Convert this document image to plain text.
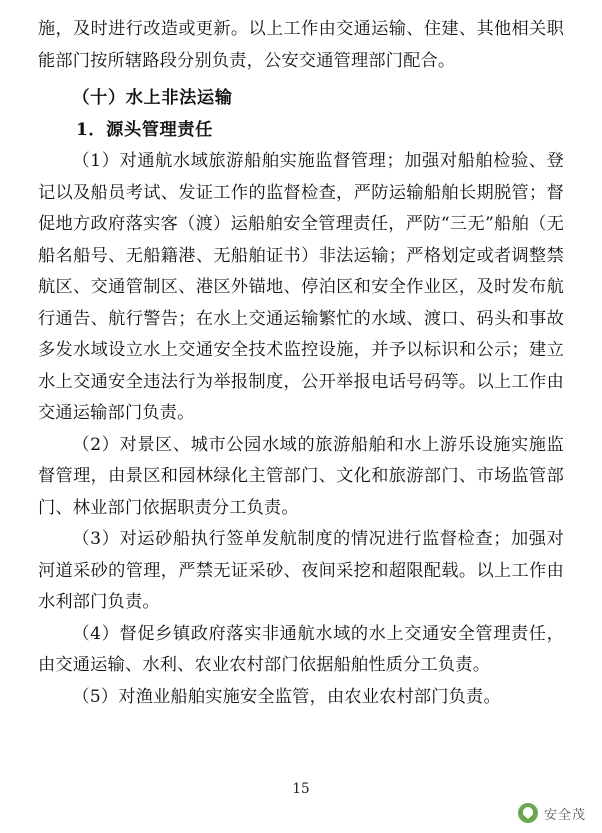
施，及时进行改造或更新。以上工作由交通运输、住建、其他相关职能部门按所辖路段分别负责，公安交通管理部门配合。

（十）水上非法运输

1．源头管理责任

（1）对通航水域旅游船舶实施监督管理；加强对船舶检验、登记以及船员考试、发证工作的监督检查，严防运输船舶长期脱管；督促地方政府落实客（渡）运船舶安全管理责任，严防“三无”船舶（无船名船号、无船籍港、无船舶证书）非法运输；严格划定或者调整禁航区、交通管制区、港区外锚地、停泊区和安全作业区，及时发布航行通告、航行警告；在水上交通运输繁忙的水域、渡口、码头和事故多发水域设立水上交通安全技术监控设施，并予以标识和公示；建立水上交通安全违法行为举报制度，公开举报电话号码等。以上工作由交通运输部门负责。

（2）对景区、城市公园水域的旅游船舶和水上游乐设施实施监督管理，由景区和园林绿化主管部门、文化和旅游部门、市场监管部门、林业部门依据职责分工负责。

（3）对运砂船执行签单发航制度的情况进行监督检查；加强对河道采砂的管理，严禁无证采砂、夜间采挖和超限配载。以上工作由水利部门负责。

（4）督促乡镇政府落实非通航水域的水上交通安全管理责任，由交通运输、水利、农业农村部门依据船舶性质分工负责。

（5）对渔业船舶实施安全监管，由农业农村部门负责。

15
安全茂
